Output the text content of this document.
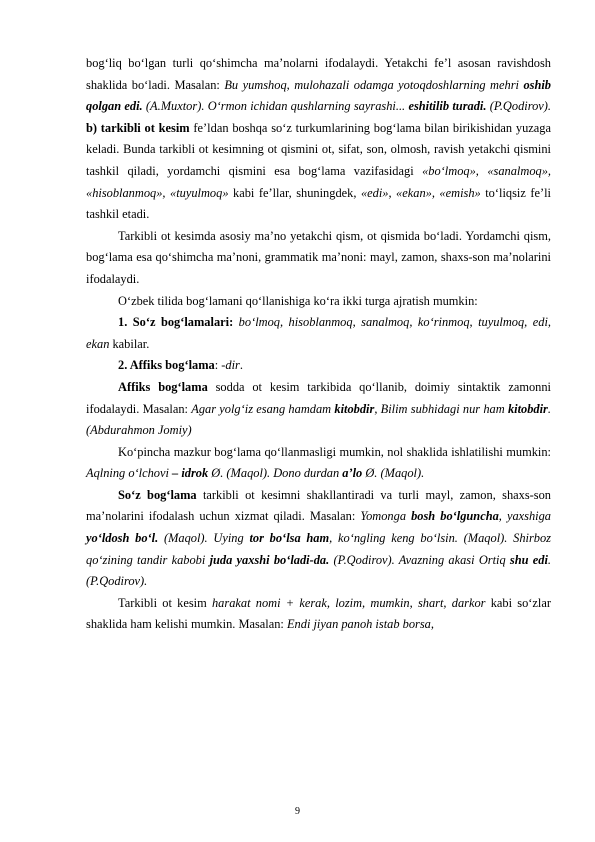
bog‘liq bo‘lgan turli qo‘shimcha ma’nolarni ifodalaydi. Yetakchi fe’l asosan ravishdosh shaklida bo‘ladi. Masalan: Bu yumshoq, mulohazali odamga yotoqdoshlarning mehri oshib qolgan edi. (A.Muxtor). O‘rmon ichidan qushlarning sayrashi... eshitilib turadi. (P.Qodirov). b) tarkibli ot kesim fe’ldan boshqa so‘z turkumlarining bog‘lama bilan birikishidan yuzaga keladi. Bunda tarkibli ot kesimning ot qismini ot, sifat, son, olmosh, ravish yetakchi qismini tashkil qiladi, yordamchi qismini esa bog‘lama vazifasidagi «bo‘lmoq», «sanalmoq», «hisoblanmoq», «tuyulmoq» kabi fe’llar, shuningdek, «edi», «ekan», «emish» to‘liqsiz fe’li tashkil etadi.

Tarkibli ot kesimda asosiy ma’no yetakchi qism, ot qismida bo‘ladi. Yordamchi qism, bog‘lama esa qo‘shimcha ma’noni, grammatik ma’noni: mayl, zamon, shaxs-son ma’nolarini ifodalaydi.

O‘zbek tilida bog‘lamani qo‘llanishiga ko‘ra ikki turga ajratish mumkin:

1. So‘z bog‘lamalari: bo‘lmoq, hisoblanmoq, sanalmoq, ko‘rinmoq, tuyulmoq, edi, ekan kabilar.

2. Affiks bog‘lama: -dir.

Affiks bog‘lama sodda ot kesim tarkibida qo‘llanib, doimiy sintaktik zamonni ifodalaydi. Masalan: Agar yolg‘iz esang hamdam kitobdir, Bilim subhidagi nur ham kitobdir. (Abdurahmon Jomiy)

Ko‘pincha mazkur bog‘lama qo‘llanmasligi mumkin, nol shaklida ishlatilishi mumkin: Aqlning o‘lchovi – idrok Ø. (Maqol). Dono durdan a’lo Ø. (Maqol).

So‘z bog‘lama tarkibli ot kesimni shakllantiradi va turli mayl, zamon, shaxs-son ma’nolarini ifodalash uchun xizmat qiladi. Masalan: Yomonga bosh bo‘lguncha, yaxshiga yo‘ldosh bo‘l. (Maqol). Uying tor bo‘lsa ham, ko‘ngling keng bo‘lsin. (Maqol). Shirboz qo‘zining tandir kabobi juda yaxshi bo‘ladi-da. (P.Qodirov). Avazning akasi Ortiq shu edi. (P.Qodirov).

Tarkibli ot kesim harakat nomi + kerak, lozim, mumkin, shart, darkor kabi so‘zlar shaklida ham kelishi mumkin. Masalan: Endi jiyan panoh istab borsa,

9
